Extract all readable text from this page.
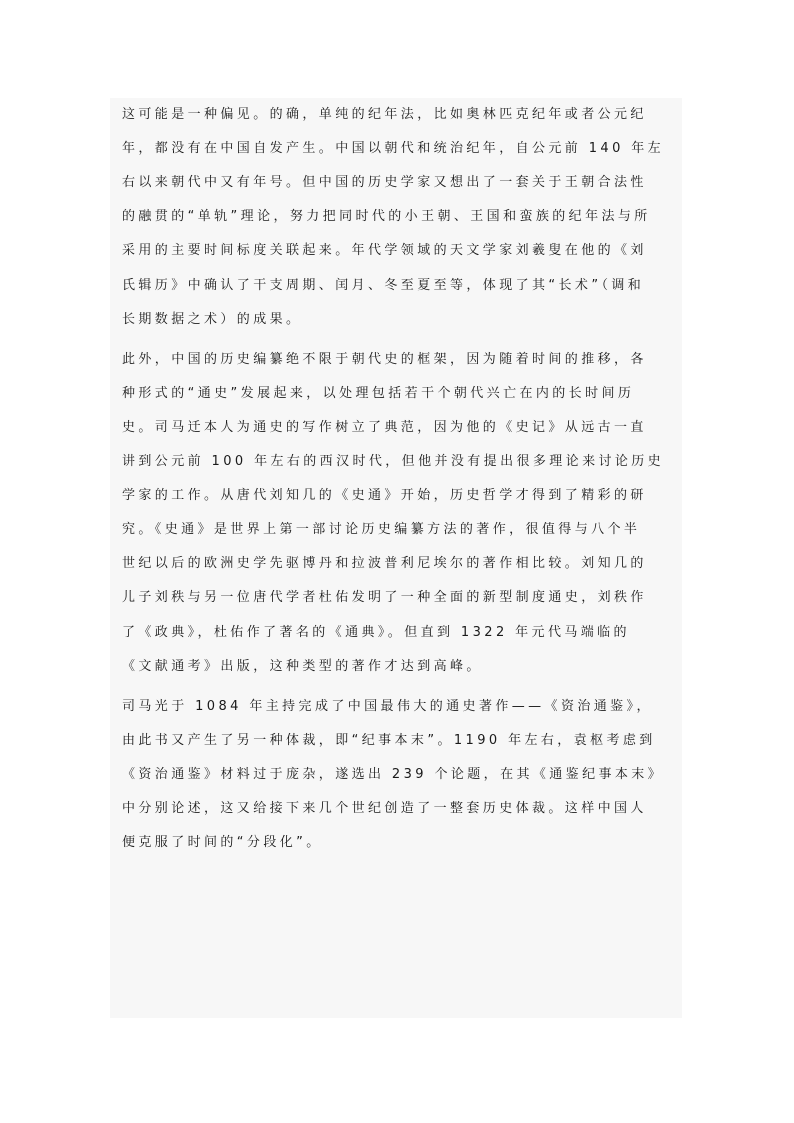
这可能是一种偏见。的确，单纯的纪年法，比如奥林匹克纪年或者公元纪
年，都没有在中国自发产生。中国以朝代和统治纪年，自公元前 140 年左
右以来朝代中又有年号。但中国的历史学家又想出了一套关于王朝合法性
的融贯的“单轨”理论，努力把同时代的小王朝、王国和蛮族的纪年法与所
采用的主要时间标度关联起来。年代学领域的天文学家刘羲叟在他的《刘
氏辑历》中确认了干支周期、闰月、冬至夏至等，体现了其“长术”（调和
长期数据之术）的成果。
此外，中国的历史编纂绝不限于朝代史的框架，因为随着时间的推移，各
种形式的“通史”发展起来，以处理包括若干个朝代兴亡在内的长时间历
史。司马迁本人为通史的写作树立了典范，因为他的《史记》从远古一直
讲到公元前 100 年左右的西汉时代，但他并没有提出很多理论来讨论历史
学家的工作。从唐代刘知几的《史通》开始，历史哲学才得到了精彩的研
究。《史通》是世界上第一部讨论历史编纂方法的著作，很值得与八个半
世纪以后的欧洲史学先驱博丹和拉波普利尼埃尔的著作相比较。刘知几的
儿子刘秩与另一位唐代学者杜佑发明了一种全面的新型制度通史，刘秩作
了《政典》，杜佑作了著名的《通典》。但直到 1322 年元代马端临的
《文献通考》出版，这种类型的著作才达到高峰。
司马光于 1084 年主持完成了中国最伟大的通史著作——《资治通鉴》，
由此书又产生了另一种体裁，即“纪事本末”。1190 年左右，袁枢考虑到
《资治通鉴》材料过于庞杂，遂选出 239 个论题，在其《通鉴纪事本末》
中分别论述，这又给接下来几个世纪创造了一整套历史体裁。这样中国人
便克服了时间的“分段化”。
